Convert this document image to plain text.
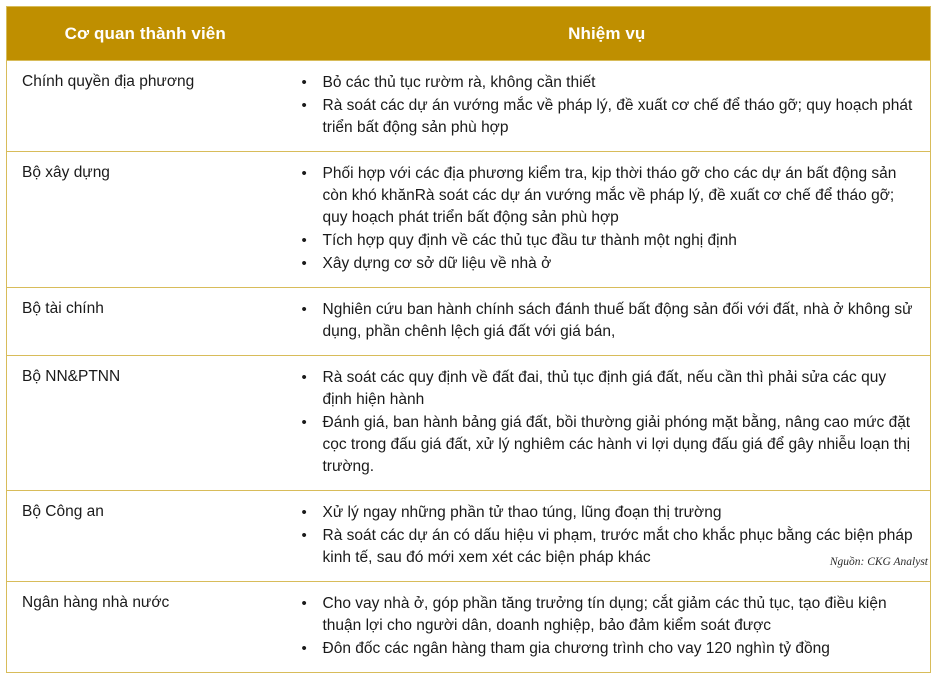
Cơ quan thành viên	Nhiệm vụ
Chính quyền địa phương	• Bỏ các thủ tục rườm rà, không cần thiết
• Rà soát các dự án vướng mắc về pháp lý, đề xuất cơ chế để tháo gỡ; quy hoạch phát triển bất động sản phù hợp

Bộ xây dựng	• Phối hợp với các địa phương kiểm tra, kịp thời tháo gỡ cho các dự án bất động sản còn khó khănRà soát các dự án vướng mắc về pháp lý, đề xuất cơ chế để tháo gỡ; quy hoạch phát triển bất động sản phù hợp
• Tích hợp quy định về các thủ tục đầu tư thành một nghị định
• Xây dựng cơ sở dữ liệu về nhà ở

Bộ tài chính	• Nghiên cứu ban hành chính sách đánh thuế bất động sản đối với đất, nhà ở không sử dụng, phần chênh lệch giá đất với giá bán,

Bộ NN&PTNN	• Rà soát các quy định về đất đai, thủ tục định giá đất, nếu cần thì phải sửa các quy định hiện hành
• Đánh giá, ban hành bảng giá đất, bồi thường giải phóng mặt bằng, nâng cao mức đặt cọc trong đấu giá đất, xử lý nghiêm các hành vi lợi dụng đấu giá để gây nhiễu loạn thị trường.

Bộ Công an	• Xử lý ngay những phần tử thao túng, lũng đoạn thị trường
• Rà soát các dự án có dấu hiệu vi phạm, trước mắt cho khắc phục bằng các biện pháp kinh tế, sau đó mới xem xét các biện pháp khác

Ngân hàng nhà nước	• Cho vay nhà ở, góp phần tăng trưởng tín dụng; cắt giảm các thủ tục, tạo điều kiện thuận lợi cho người dân, doanh nghiệp, bảo đảm kiểm soát được
• Đôn đốc các ngân hàng tham gia chương trình cho vay 120 nghìn tỷ đồng
Nguồn: CKG Analyst
